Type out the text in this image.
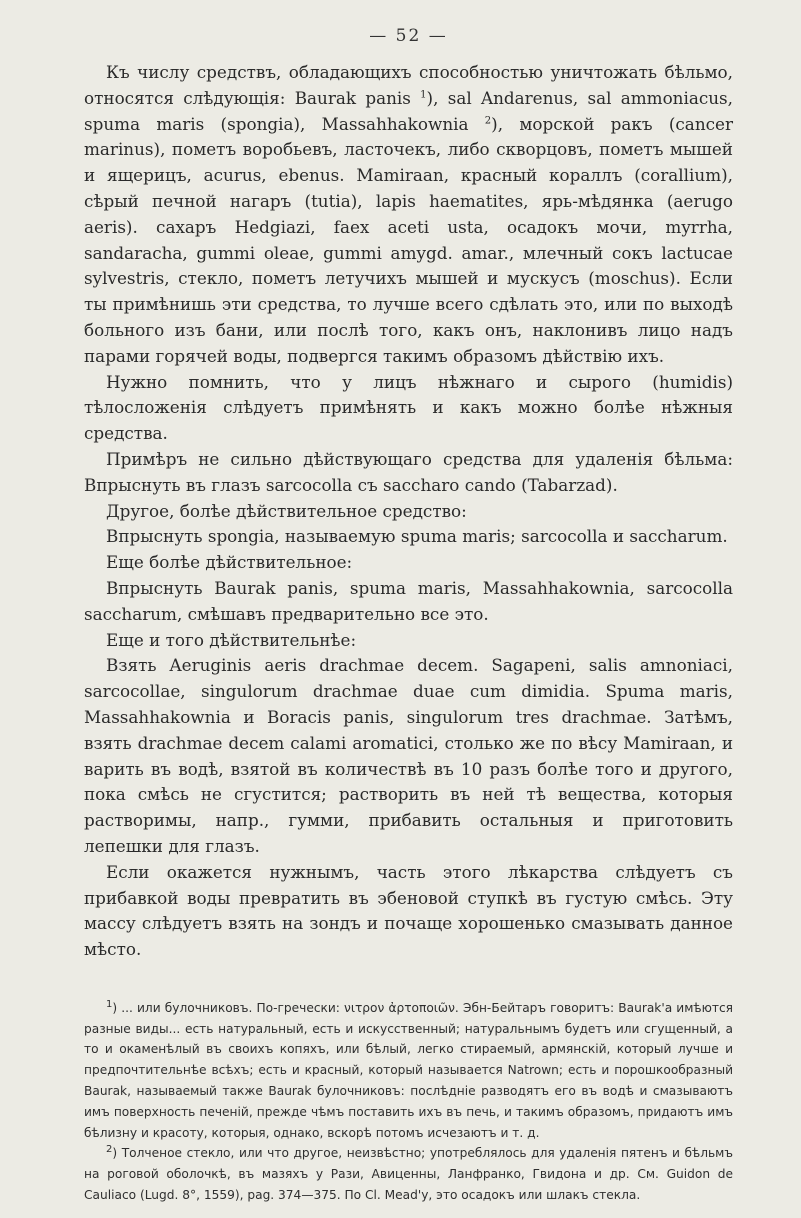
— 52 —

Къ числу средствъ, обладающихъ способностью уничтожать бѣльмо, относятся слѣдующія: Baurak panis $^1$), sal Andarenus, sal ammoniacus, spuma maris (spongia), Massahhakownia $^2$), морской ракъ (cancer marinus), пометъ воробьевъ, ласточекъ, либо скворцовъ, пометъ мышей и ящерицъ, acurus, ebenus. Mamiraan, красный кораллъ (corallium), сѣрый печной нагаръ (tutia), lapis haematites, ярь-мѣдянка (aerugo aeris). сахаръ Hedgiazi, faex aceti usta, осадокъ мочи, myrrha, sandaracha, gummi oleae, gummi amygd. amar., млечный сокъ lactucae sylvestris, стекло, пометъ летучихъ мышей и мускусъ (moschus). Если ты примѣнишь эти средства, то лучше всего сдѣлать это, или по выходѣ больного изъ бани, или послѣ того, какъ онъ, наклонивъ лицо надъ парами горячей воды, подвергся такимъ образомъ дѣйствію ихъ.

Нужно помнить, что у лицъ нѣжнаго и сырого (humidis) тѣлосложенія слѣдуетъ примѣнять и какъ можно болѣе нѣжныя средства.

Примѣръ не сильно дѣйствующаго средства для удаленія бѣльма: Впрыснуть въ глазъ sarcocolla съ saccharo cando (Tabarzad).

Другое, болѣе дѣйствительное средство:

Впрыснуть spongia, называемую spuma maris; sarcocolla и saccharum.

Еще болѣе дѣйствительное:

Впрыснуть Baurak panis, spuma maris, Massahhakownia, sarcocolla saccharum, смѣшавъ предварительно все это.

Еще и того дѣйствительнѣе:

Взять Aeruginis aeris drachmae decem. Sagapeni, salis amnoniaci, sarcocollae, singulorum drachmae duae cum dimidia. Spuma maris, Massahhakownia и Boracis panis, singulorum tres drachmae. Затѣмъ, взять drachmae decem calami aromatici, столько же по вѣсу Mamiraan, и варить въ водѣ, взятой въ количествѣ въ 10 разъ болѣе того и другого, пока смѣсь не сгустится; растворить въ ней тѣ вещества, которыя растворимы, напр., гумми, прибавить остальныя и приготовить лепешки для глазъ.

Если окажется нужнымъ, часть этого лѣкарства слѣдуетъ съ прибавкой воды превратить въ эбеновой ступкѣ въ густую смѣсь. Эту массу слѣдуетъ взять на зондъ и почаще хорошенько смазывать данное мѣсто.

$^1$) ... или булочниковъ. По-гречески: νιτρον ἀρτοποιῶν. Эбн-Бейтаръ говоритъ: Baurak'а имѣются разные виды... есть натуральный, есть и искусственный; натуральнымъ будетъ или сгущенный, а то и окаменѣлый въ своихъ копяхъ, или бѣлый, легко стираемый, армянскій, который лучше и предпочтительнѣе всѣхъ; есть и красный, который называется Natrown; есть и порошкообразный Baurak, называемый также Baurak булочниковъ: послѣдніе разводятъ его въ водѣ и смазываютъ имъ поверхность печеній, прежде чѣмъ поставить ихъ въ печь, и такимъ образомъ, придаютъ имъ бѣлизну и красоту, которыя, однако, вскорѣ потомъ исчезаютъ и т. д.

$^2$) Толченое стекло, или что другое, неизвѣстно; употреблялось для удаленія пятенъ и бѣльмъ на роговой оболочкѣ, въ мазяхъ у Рази, Авиценны, Ланфранко, Гвидона и др. См. Guidon de Cauliaco (Lugd. 8°, 1559), pag. 374—375. По Cl. Mead'y, это осадокъ или шлакъ стекла.
